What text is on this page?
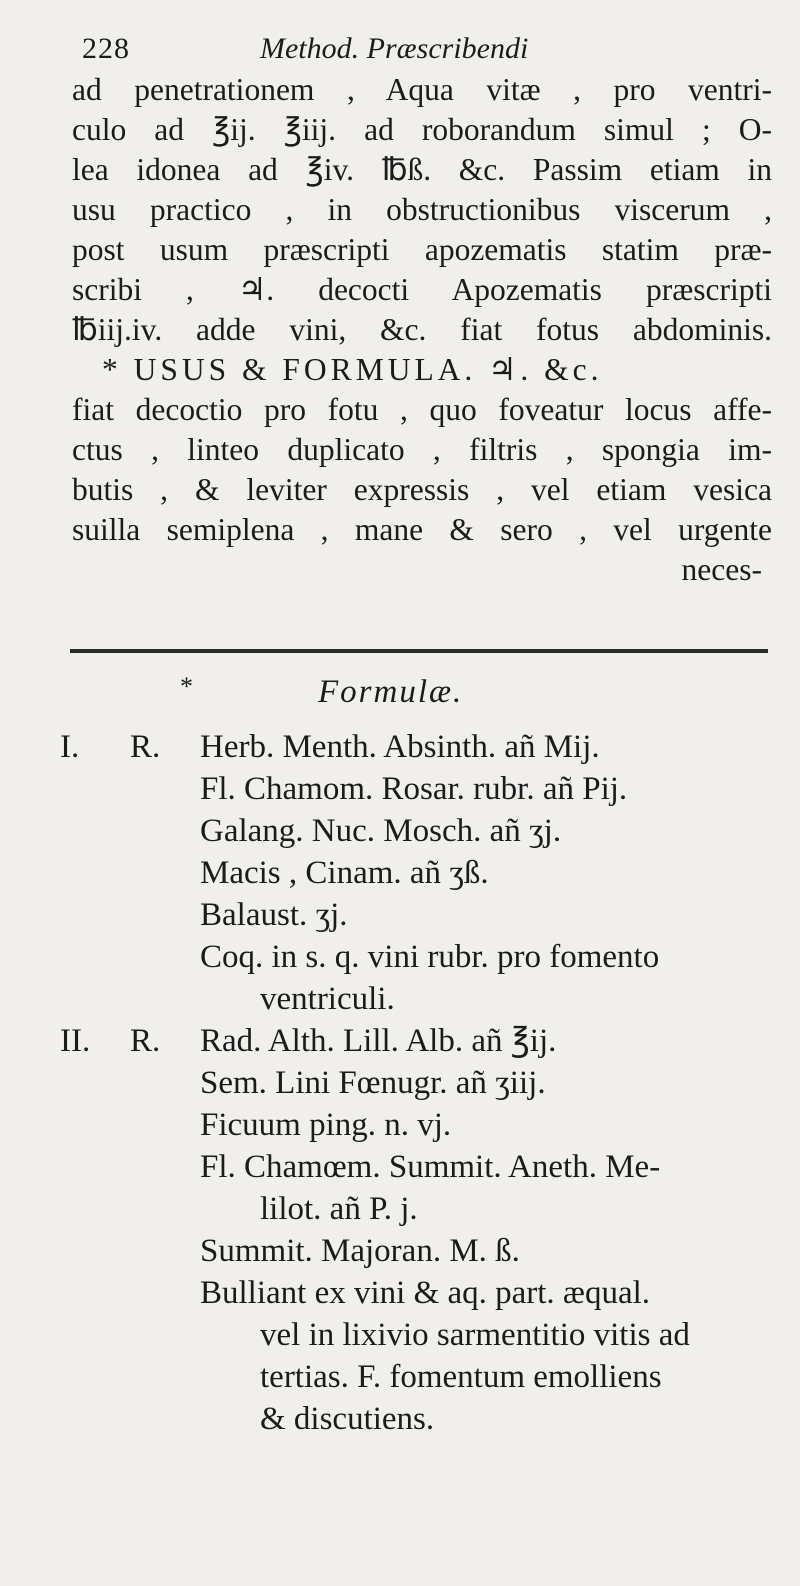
228	Method. Præscribendi
ad penetrationem , Aqua vitæ , pro ventri-
culo ad ℥ij. ℥iij. ad roborandum simul ; O-
lea idonea ad ℥iv. ℔ß. &c. Passim etiam in
usu practico , in obstructionibus viscerum ,
post usum præscripti apozematis statim præ-
scribi , ♃. decocti Apozematis præscripti
℔iij.iv. adde vini, &c. fiat fotus abdominis.
* USUS & FORMULA. ♃. &c.
fiat decoctio pro fotu , quo foveatur locus affe-
ctus , linteo duplicato , filtris , spongia im-
butis , & leviter expressis , vel etiam vesica
suilla semiplena , mane & sero , vel urgente
neces-
*	Formulæ.
I.	R. Herb. Menth. Absinth. añ Mij.
Fl. Chamom. Rosar. rubr. añ Pij.
Galang. Nuc. Mosch. añ ʒj.
Macis , Cinam. añ ʒß.
Balaust. ʒj.
Coq. in s. q. vini rubr. pro fomento
ventriculi.
II. R. Rad. Alth. Lill. Alb. añ ℥ij.
Sem. Lini Fœnugr. añ ʒiij.
Ficuum ping. n. vj.
Fl. Chamœm. Summit. Aneth. Me-
lilot. añ P. j.
Summit. Majoran. M. ß.
Bulliant ex vini & aq. part. æqual.
vel in lixivio sarmentitio vitis ad
tertias. F. fomentum emolliens
& discutiens.
